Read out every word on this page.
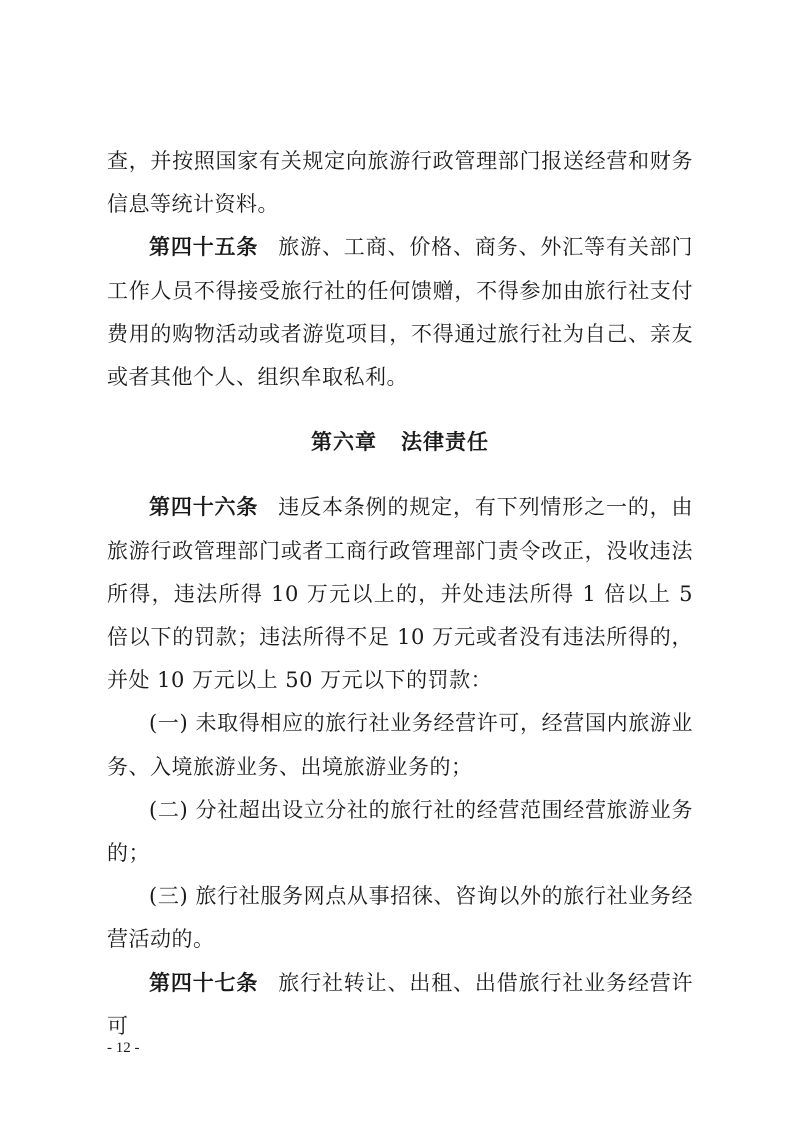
查，并按照国家有关规定向旅游行政管理部门报送经营和财务信息等统计资料。

第四十五条 旅游、工商、价格、商务、外汇等有关部门工作人员不得接受旅行社的任何馈赠，不得参加由旅行社支付费用的购物活动或者游览项目，不得通过旅行社为自己、亲友或者其他个人、组织牟取私利。

第六章 法律责任

第四十六条 违反本条例的规定，有下列情形之一的，由旅游行政管理部门或者工商行政管理部门责令改正，没收违法所得，违法所得 10 万元以上的，并处违法所得 1 倍以上 5 倍以下的罚款；违法所得不足 10 万元或者没有违法所得的，并处 10 万元以上 50 万元以下的罚款：

(一) 未取得相应的旅行社业务经营许可，经营国内旅游业务、入境旅游业务、出境旅游业务的；

(二) 分社超出设立分社的旅行社的经营范围经营旅游业务的；

(三) 旅行社服务网点从事招徕、咨询以外的旅行社业务经营活动的。

第四十七条 旅行社转让、出租、出借旅行社业务经营许可

- 12 -
